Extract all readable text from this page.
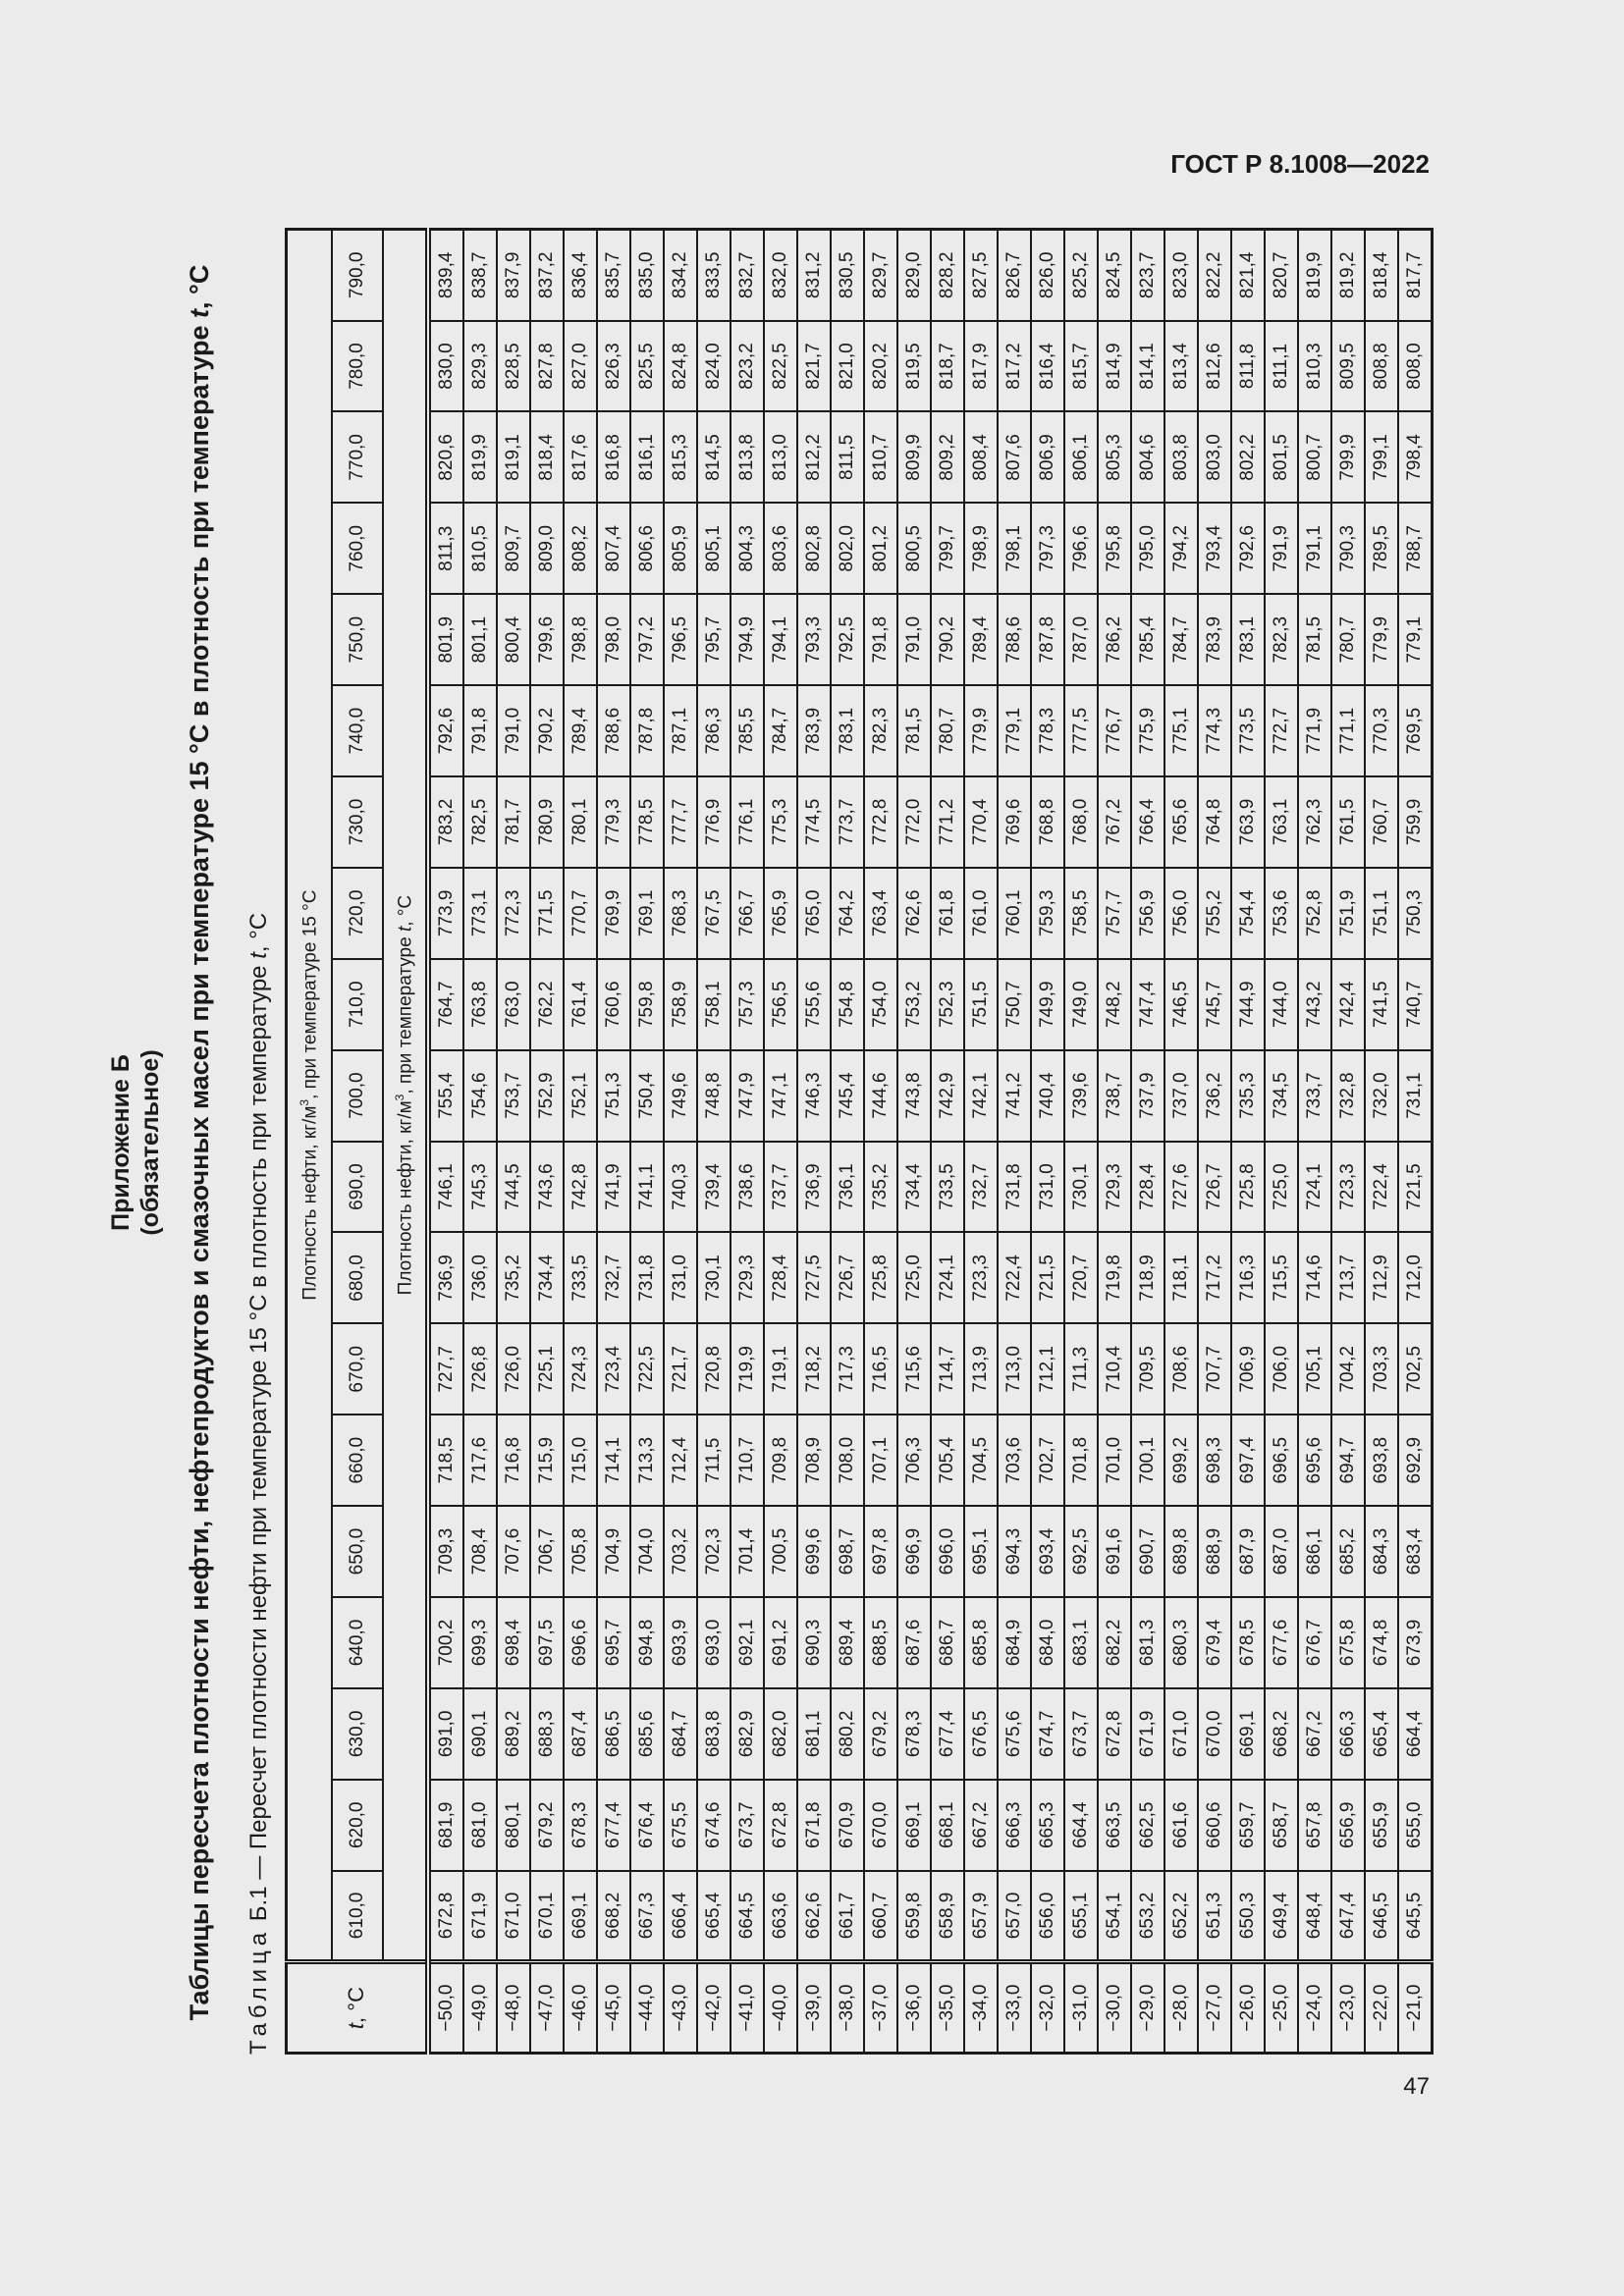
ГОСТ Р 8.1008—2022
Приложение Б (обязательное) Таблицы пересчета плотности нефти, нефтепродуктов и смазочных масел при температуре 15 °C в плотность при температуре t, °C
Таблица Б.1 — Пересчет плотности нефти при температуре 15 °C в плотность при температуре t, °C
t, °C	Плотность нефти, $кг/м^3$, при температуре 15 °C																		
	610,0	620,0	630,0	640,0	650,0	660,0	670,0	680,0	690,0	700,0	710,0	720,0	730,0	740,0	750,0	760,0	770,0	780,0	790,0
	Плотность нефти, $кг/м^3$, при температуре t, °C																		
−50,0	672,8	681,9	691,0	700,2	709,3	718,5	727,7	736,9	746,1	755,4	764,7	773,9	783,2	792,6	801,9	811,3	820,6	830,0	839,4
−49,0	671,9	681,0	690,1	699,3	708,4	717,6	726,8	736,0	745,3	754,6	763,8	773,1	782,5	791,8	801,1	810,5	819,9	829,3	838,7
−48,0	671,0	680,1	689,2	698,4	707,6	716,8	726,0	735,2	744,5	753,7	763,0	772,3	781,7	791,0	800,4	809,7	819,1	828,5	837,9
−47,0	670,1	679,2	688,3	697,5	706,7	715,9	725,1	734,4	743,6	752,9	762,2	771,5	780,9	790,2	799,6	809,0	818,4	827,8	837,2
−46,0	669,1	678,3	687,4	696,6	705,8	715,0	724,3	733,5	742,8	752,1	761,4	770,7	780,1	789,4	798,8	808,2	817,6	827,0	836,4
−45,0	668,2	677,4	686,5	695,7	704,9	714,1	723,4	732,7	741,9	751,3	760,6	769,9	779,3	788,6	798,0	807,4	816,8	826,3	835,7
−44,0	667,3	676,4	685,6	694,8	704,0	713,3	722,5	731,8	741,1	750,4	759,8	769,1	778,5	787,8	797,2	806,6	816,1	825,5	835,0
−43,0	666,4	675,5	684,7	693,9	703,2	712,4	721,7	731,0	740,3	749,6	758,9	768,3	777,7	787,1	796,5	805,9	815,3	824,8	834,2
−42,0	665,4	674,6	683,8	693,0	702,3	711,5	720,8	730,1	739,4	748,8	758,1	767,5	776,9	786,3	795,7	805,1	814,5	824,0	833,5
−41,0	664,5	673,7	682,9	692,1	701,4	710,7	719,9	729,3	738,6	747,9	757,3	766,7	776,1	785,5	794,9	804,3	813,8	823,2	832,7
−40,0	663,6	672,8	682,0	691,2	700,5	709,8	719,1	728,4	737,7	747,1	756,5	765,9	775,3	784,7	794,1	803,6	813,0	822,5	832,0
−39,0	662,6	671,8	681,1	690,3	699,6	708,9	718,2	727,5	736,9	746,3	755,6	765,0	774,5	783,9	793,3	802,8	812,2	821,7	831,2
−38,0	661,7	670,9	680,2	689,4	698,7	708,0	717,3	726,7	736,1	745,4	754,8	764,2	773,7	783,1	792,5	802,0	811,5	821,0	830,5
−37,0	660,7	670,0	679,2	688,5	697,8	707,1	716,5	725,8	735,2	744,6	754,0	763,4	772,8	782,3	791,8	801,2	810,7	820,2	829,7
−36,0	659,8	669,1	678,3	687,6	696,9	706,3	715,6	725,0	734,4	743,8	753,2	762,6	772,0	781,5	791,0	800,5	809,9	819,5	829,0
−35,0	658,9	668,1	677,4	686,7	696,0	705,4	714,7	724,1	733,5	742,9	752,3	761,8	771,2	780,7	790,2	799,7	809,2	818,7	828,2
−34,0	657,9	667,2	676,5	685,8	695,1	704,5	713,9	723,3	732,7	742,1	751,5	761,0	770,4	779,9	789,4	798,9	808,4	817,9	827,5
−33,0	657,0	666,3	675,6	684,9	694,3	703,6	713,0	722,4	731,8	741,2	750,7	760,1	769,6	779,1	788,6	798,1	807,6	817,2	826,7
−32,0	656,0	665,3	674,7	684,0	693,4	702,7	712,1	721,5	731,0	740,4	749,9	759,3	768,8	778,3	787,8	797,3	806,9	816,4	826,0
−31,0	655,1	664,4	673,7	683,1	692,5	701,8	711,3	720,7	730,1	739,6	749,0	758,5	768,0	777,5	787,0	796,6	806,1	815,7	825,2
−30,0	654,1	663,5	672,8	682,2	691,6	701,0	710,4	719,8	729,3	738,7	748,2	757,7	767,2	776,7	786,2	795,8	805,3	814,9	824,5
−29,0	653,2	662,5	671,9	681,3	690,7	700,1	709,5	718,9	728,4	737,9	747,4	756,9	766,4	775,9	785,4	795,0	804,6	814,1	823,7
−28,0	652,2	661,6	671,0	680,3	689,8	699,2	708,6	718,1	727,6	737,0	746,5	756,0	765,6	775,1	784,7	794,2	803,8	813,4	823,0
−27,0	651,3	660,6	670,0	679,4	688,9	698,3	707,7	717,2	726,7	736,2	745,7	755,2	764,8	774,3	783,9	793,4	803,0	812,6	822,2
−26,0	650,3	659,7	669,1	678,5	687,9	697,4	706,9	716,3	725,8	735,3	744,9	754,4	763,9	773,5	783,1	792,6	802,2	811,8	821,4
−25,0	649,4	658,7	668,2	677,6	687,0	696,5	706,0	715,5	725,0	734,5	744,0	753,6	763,1	772,7	782,3	791,9	801,5	811,1	820,7
−24,0	648,4	657,8	667,2	676,7	686,1	695,6	705,1	714,6	724,1	733,7	743,2	752,8	762,3	771,9	781,5	791,1	800,7	810,3	819,9
−23,0	647,4	656,9	666,3	675,8	685,2	694,7	704,2	713,7	723,3	732,8	742,4	751,9	761,5	771,1	780,7	790,3	799,9	809,5	819,2
−22,0	646,5	655,9	665,4	674,8	684,3	693,8	703,3	712,9	722,4	732,0	741,5	751,1	760,7	770,3	779,9	789,5	799,1	808,8	818,4
−21,0	645,5	655,0	664,4	673,9	683,4	692,9	702,5	712,0	721,5	731,1	740,7	750,3	759,9	769,5	779,1	788,7	798,4	808,0	817,7
47
